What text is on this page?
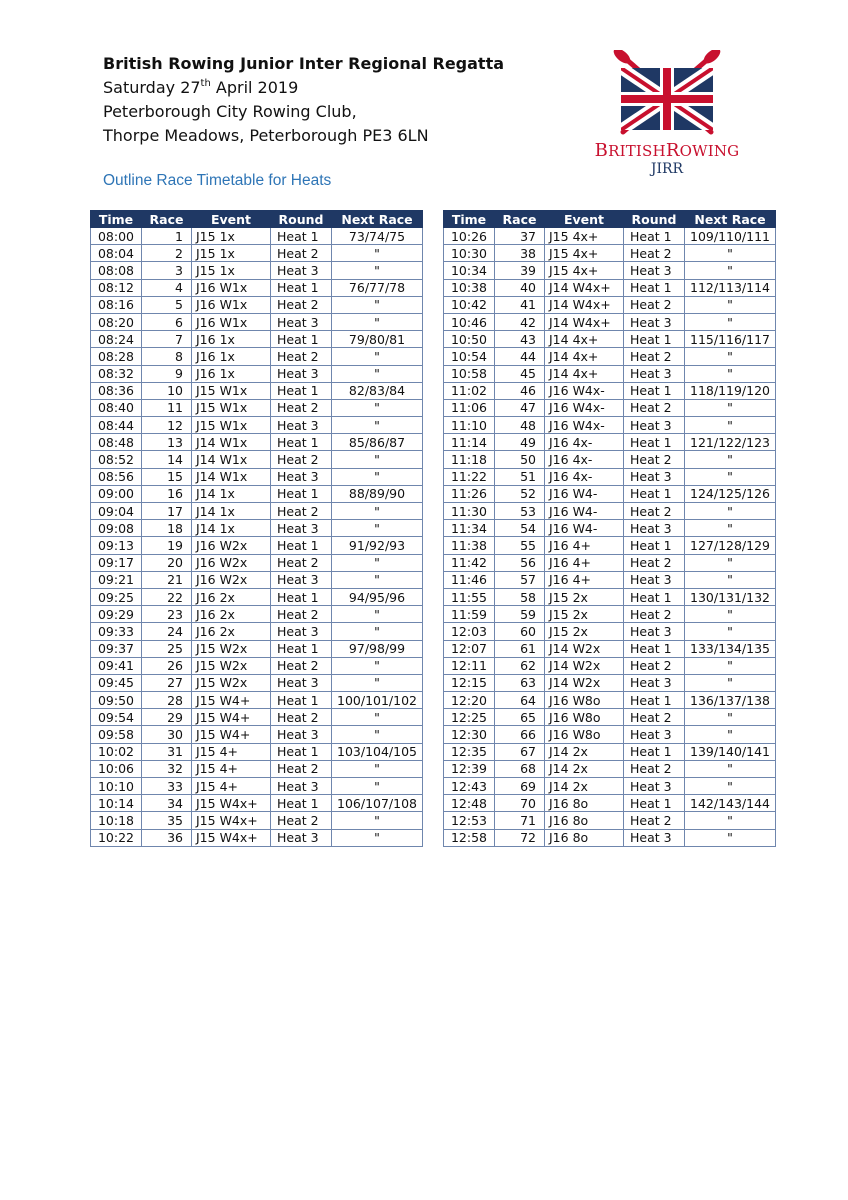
British Rowing Junior Inter Regional Regatta
Saturday 27th April 2019
Peterborough City Rowing Club,
Thorpe Meadows, Peterborough PE3 6LN
Outline Race Timetable for Heats
BRITISHROWING
JIRR
Time	Race	Event	Round	Next Race
08:00	1	J15 1x	Heat 1	73/74/75
08:04	2	J15 1x	Heat 2	"
08:08	3	J15 1x	Heat 3	"
08:12	4	J16 W1x	Heat 1	76/77/78
08:16	5	J16 W1x	Heat 2	"
08:20	6	J16 W1x	Heat 3	"
08:24	7	J16 1x	Heat 1	79/80/81
08:28	8	J16 1x	Heat 2	"
08:32	9	J16 1x	Heat 3	"
08:36	10	J15 W1x	Heat 1	82/83/84
08:40	11	J15 W1x	Heat 2	"
08:44	12	J15 W1x	Heat 3	"
08:48	13	J14 W1x	Heat 1	85/86/87
08:52	14	J14 W1x	Heat 2	"
08:56	15	J14 W1x	Heat 3	"
09:00	16	J14 1x	Heat 1	88/89/90
09:04	17	J14 1x	Heat 2	"
09:08	18	J14 1x	Heat 3	"
09:13	19	J16 W2x	Heat 1	91/92/93
09:17	20	J16 W2x	Heat 2	"
09:21	21	J16 W2x	Heat 3	"
09:25	22	J16 2x	Heat 1	94/95/96
09:29	23	J16 2x	Heat 2	"
09:33	24	J16 2x	Heat 3	"
09:37	25	J15 W2x	Heat 1	97/98/99
09:41	26	J15 W2x	Heat 2	"
09:45	27	J15 W2x	Heat 3	"
09:50	28	J15 W4+	Heat 1	100/101/102
09:54	29	J15 W4+	Heat 2	"
09:58	30	J15 W4+	Heat 3	"
10:02	31	J15 4+	Heat 1	103/104/105
10:06	32	J15 4+	Heat 2	"
10:10	33	J15 4+	Heat 3	"
10:14	34	J15 W4x+	Heat 1	106/107/108
10:18	35	J15 W4x+	Heat 2	"
10:22	36	J15 W4x+	Heat 3	"
Time	Race	Event	Round	Next Race
10:26	37	J15 4x+	Heat 1	109/110/111
10:30	38	J15 4x+	Heat 2	"
10:34	39	J15 4x+	Heat 3	"
10:38	40	J14 W4x+	Heat 1	112/113/114
10:42	41	J14 W4x+	Heat 2	"
10:46	42	J14 W4x+	Heat 3	"
10:50	43	J14 4x+	Heat 1	115/116/117
10:54	44	J14 4x+	Heat 2	"
10:58	45	J14 4x+	Heat 3	"
11:02	46	J16 W4x-	Heat 1	118/119/120
11:06	47	J16 W4x-	Heat 2	"
11:10	48	J16 W4x-	Heat 3	"
11:14	49	J16 4x-	Heat 1	121/122/123
11:18	50	J16 4x-	Heat 2	"
11:22	51	J16 4x-	Heat 3	"
11:26	52	J16 W4-	Heat 1	124/125/126
11:30	53	J16 W4-	Heat 2	"
11:34	54	J16 W4-	Heat 3	"
11:38	55	J16 4+	Heat 1	127/128/129
11:42	56	J16 4+	Heat 2	"
11:46	57	J16 4+	Heat 3	"
11:55	58	J15 2x	Heat 1	130/131/132
11:59	59	J15 2x	Heat 2	"
12:03	60	J15 2x	Heat 3	"
12:07	61	J14 W2x	Heat 1	133/134/135
12:11	62	J14 W2x	Heat 2	"
12:15	63	J14 W2x	Heat 3	"
12:20	64	J16 W8o	Heat 1	136/137/138
12:25	65	J16 W8o	Heat 2	"
12:30	66	J16 W8o	Heat 3	"
12:35	67	J14 2x	Heat 1	139/140/141
12:39	68	J14 2x	Heat 2	"
12:43	69	J14 2x	Heat 3	"
12:48	70	J16 8o	Heat 1	142/143/144
12:53	71	J16 8o	Heat 2	"
12:58	72	J16 8o	Heat 3	"
